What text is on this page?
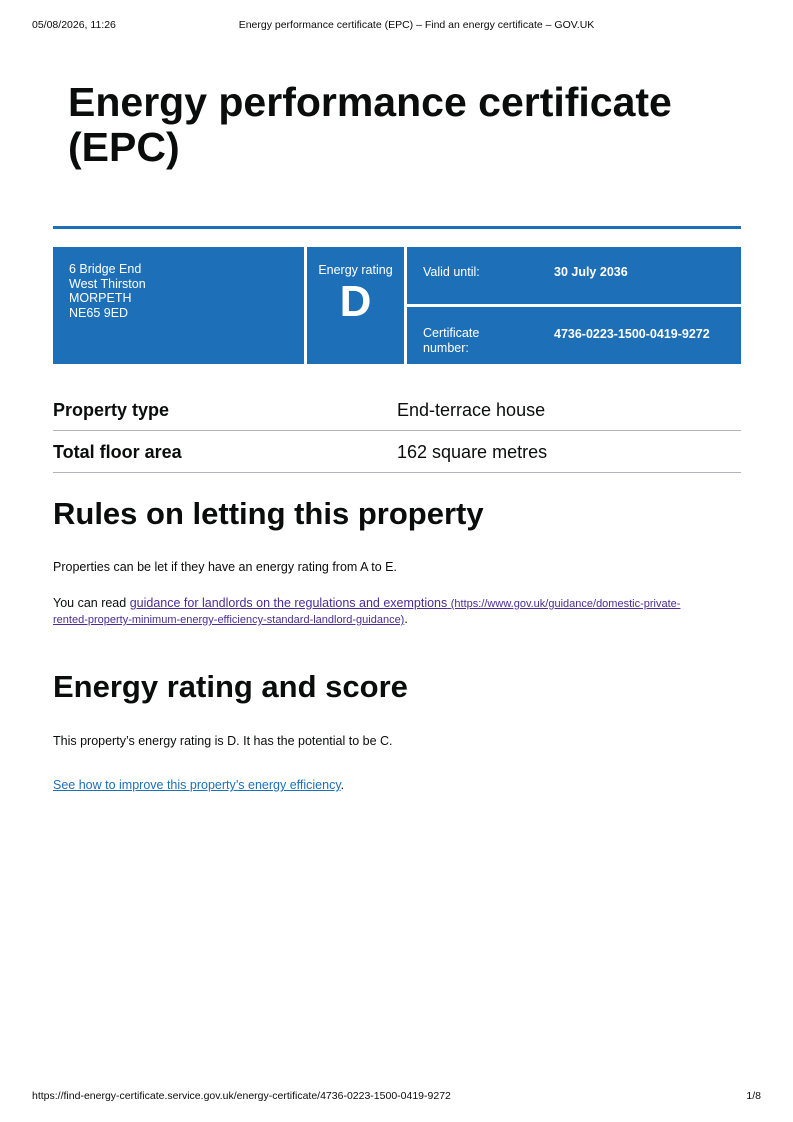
05/08/2026, 11:26	Energy performance certificate (EPC) – Find an energy certificate – GOV.UK
Energy performance certificate
(EPC)
6 Bridge End
West Thirston
MORPETH
NE65 9ED
Energy rating
D
Valid until:	30 July 2036
Certificate
number:
4736-0223-1500-0419-9272
Property type	End-terrace house
Total floor area	162 square metres
Rules on letting this property

Properties can be let if they have an energy rating from A to E.

You can read guidance for landlords on the regulations and exemptions (https://www.gov.uk/guidance/domestic-private-
rented-property-minimum-energy-efficiency-standard-landlord-guidance).

Energy rating and score

This property’s energy rating is D. It has the potential to be C.

See how to improve this property’s energy efficiency.

https://find-energy-certificate.service.gov.uk/energy-certificate/4736-0223-1500-0419-9272	1/8
